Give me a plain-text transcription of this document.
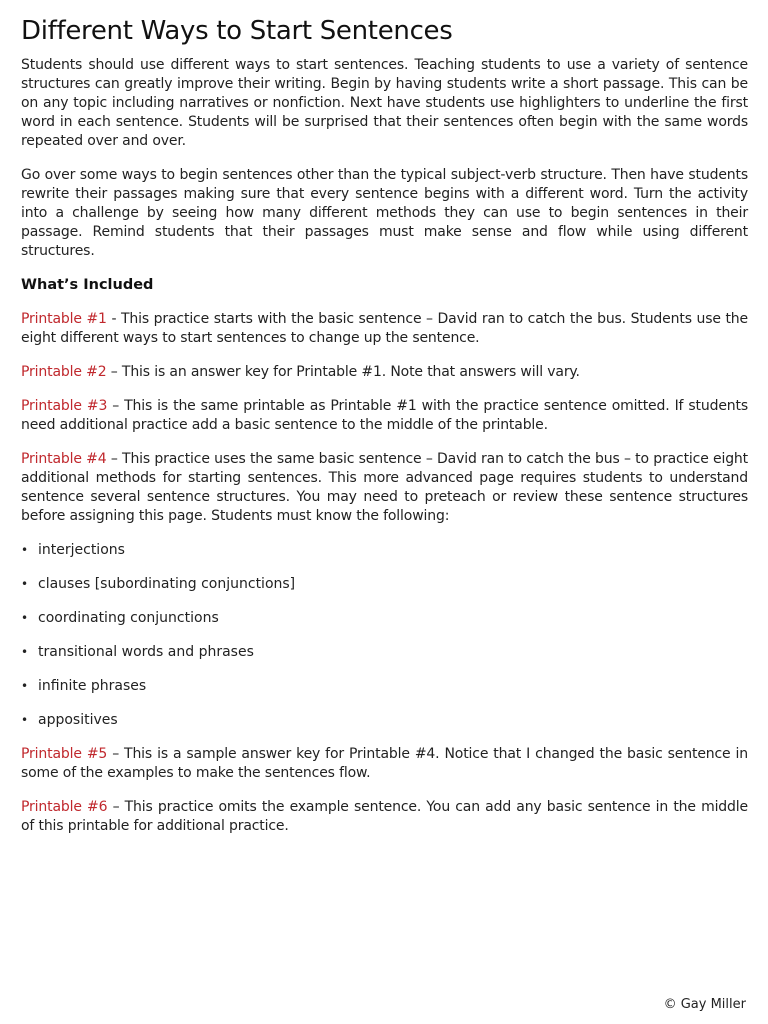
Different Ways to Start Sentences

Students should use different ways to start sentences. Teaching students to use a variety of sentence structures can greatly improve their writing. Begin by having students write a short passage. This can be on any topic including narratives or nonfiction. Next have students use highlighters to underline the first word in each sentence. Students will be surprised that their sentences often begin with the same words repeated over and over.

Go over some ways to begin sentences other than the typical subject-verb structure. Then have students rewrite their passages making sure that every sentence begins with a different word. Turn the activity into a challenge by seeing how many different methods they can use to begin sentences in their passage. Remind students that their passages must make sense and flow while using different structures.

What’s Included

Printable #1 - This practice starts with the basic sentence – David ran to catch the bus. Students use the eight different ways to start sentences to change up the sentence.

Printable #2 – This is an answer key for Printable #1. Note that answers will vary.

Printable #3 – This is the same printable as Printable #1 with the practice sentence omitted. If students need additional practice add a basic sentence to the middle of the printable.

Printable #4 – This practice uses the same basic sentence – David ran to catch the bus – to practice eight additional methods for starting sentences. This more advanced page requires students to understand sentence several sentence structures. You may need to preteach or review these sentence structures before assigning this page. Students must know the following:

• interjections
• clauses [subordinating conjunctions]
• coordinating conjunctions
• transitional words and phrases
• infinite phrases
• appositives

Printable #5 – This is a sample answer key for Printable #4. Notice that I changed the basic sentence in some of the examples to make the sentences flow.

Printable #6 – This practice omits the example sentence. You can add any basic sentence in the middle of this printable for additional practice.

© Gay Miller
